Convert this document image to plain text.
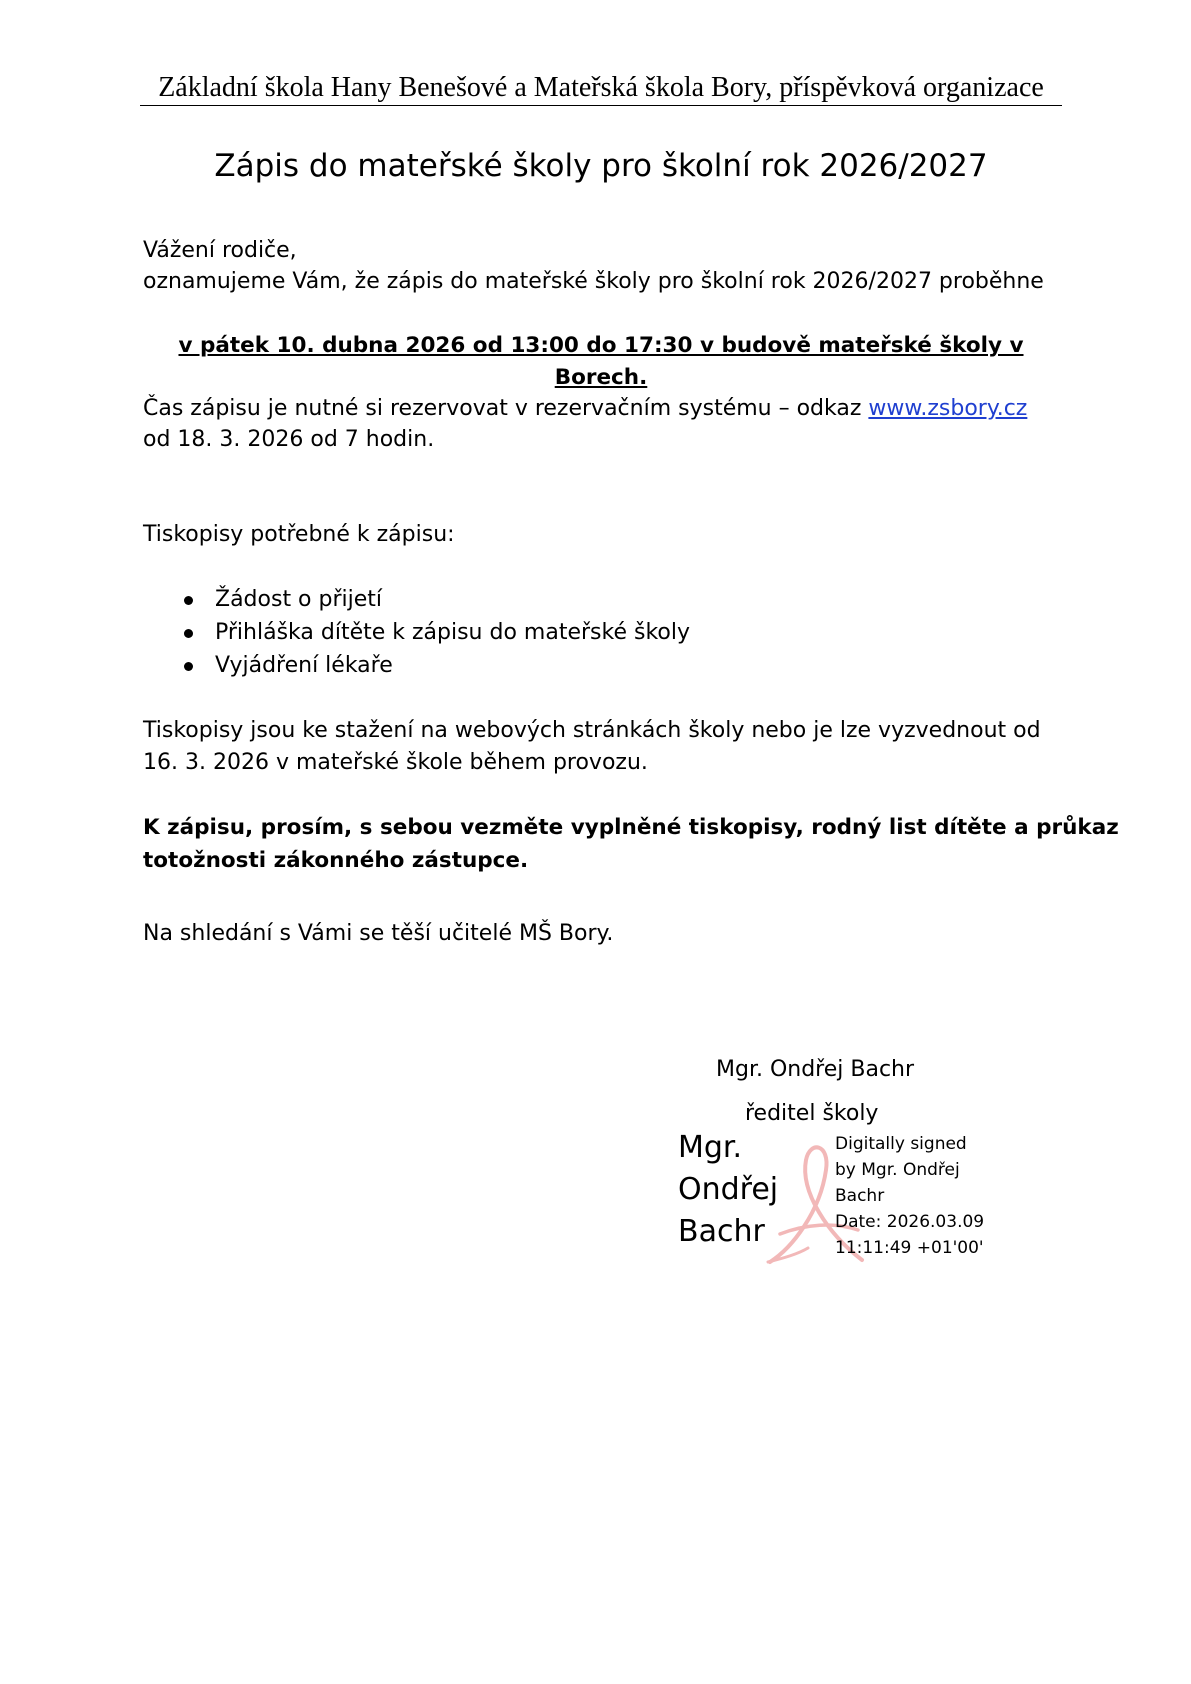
Základní škola Hany Benešové a Mateřská škola Bory, příspěvková organizace
Zápis do mateřské školy pro školní rok 2026/2027
Vážení rodiče,
oznamujeme Vám, že zápis do mateřské školy pro školní rok 2026/2027 proběhne
v pátek 10. dubna 2026 od 13:00 do 17:30 v budově mateřské školy v Borech.
Čas zápisu je nutné si rezervovat v rezervačním systému – odkaz www.zsbory.cz
od 18. 3. 2026 od 7 hodin.
Tiskopisy potřebné k zápisu:
Žádost o přijetí
Přihláška dítěte k zápisu do mateřské školy
Vyjádření lékaře
Tiskopisy jsou ke stažení na webových stránkách školy nebo je lze vyzvednout od
16. 3. 2026 v mateřské škole během provozu.
K zápisu, prosím, s sebou vezměte vyplněné tiskopisy, rodný list dítěte a průkaz
totožnosti zákonného zástupce.
Na shledání s Vámi se těší učitelé MŠ Bory.
Mgr. Ondřej Bachr
ředitel školy
Mgr.
Ondřej
Bachr
Digitally signed
by Mgr. Ondřej
Bachr
Date: 2026.03.09
11:11:49 +01'00'
